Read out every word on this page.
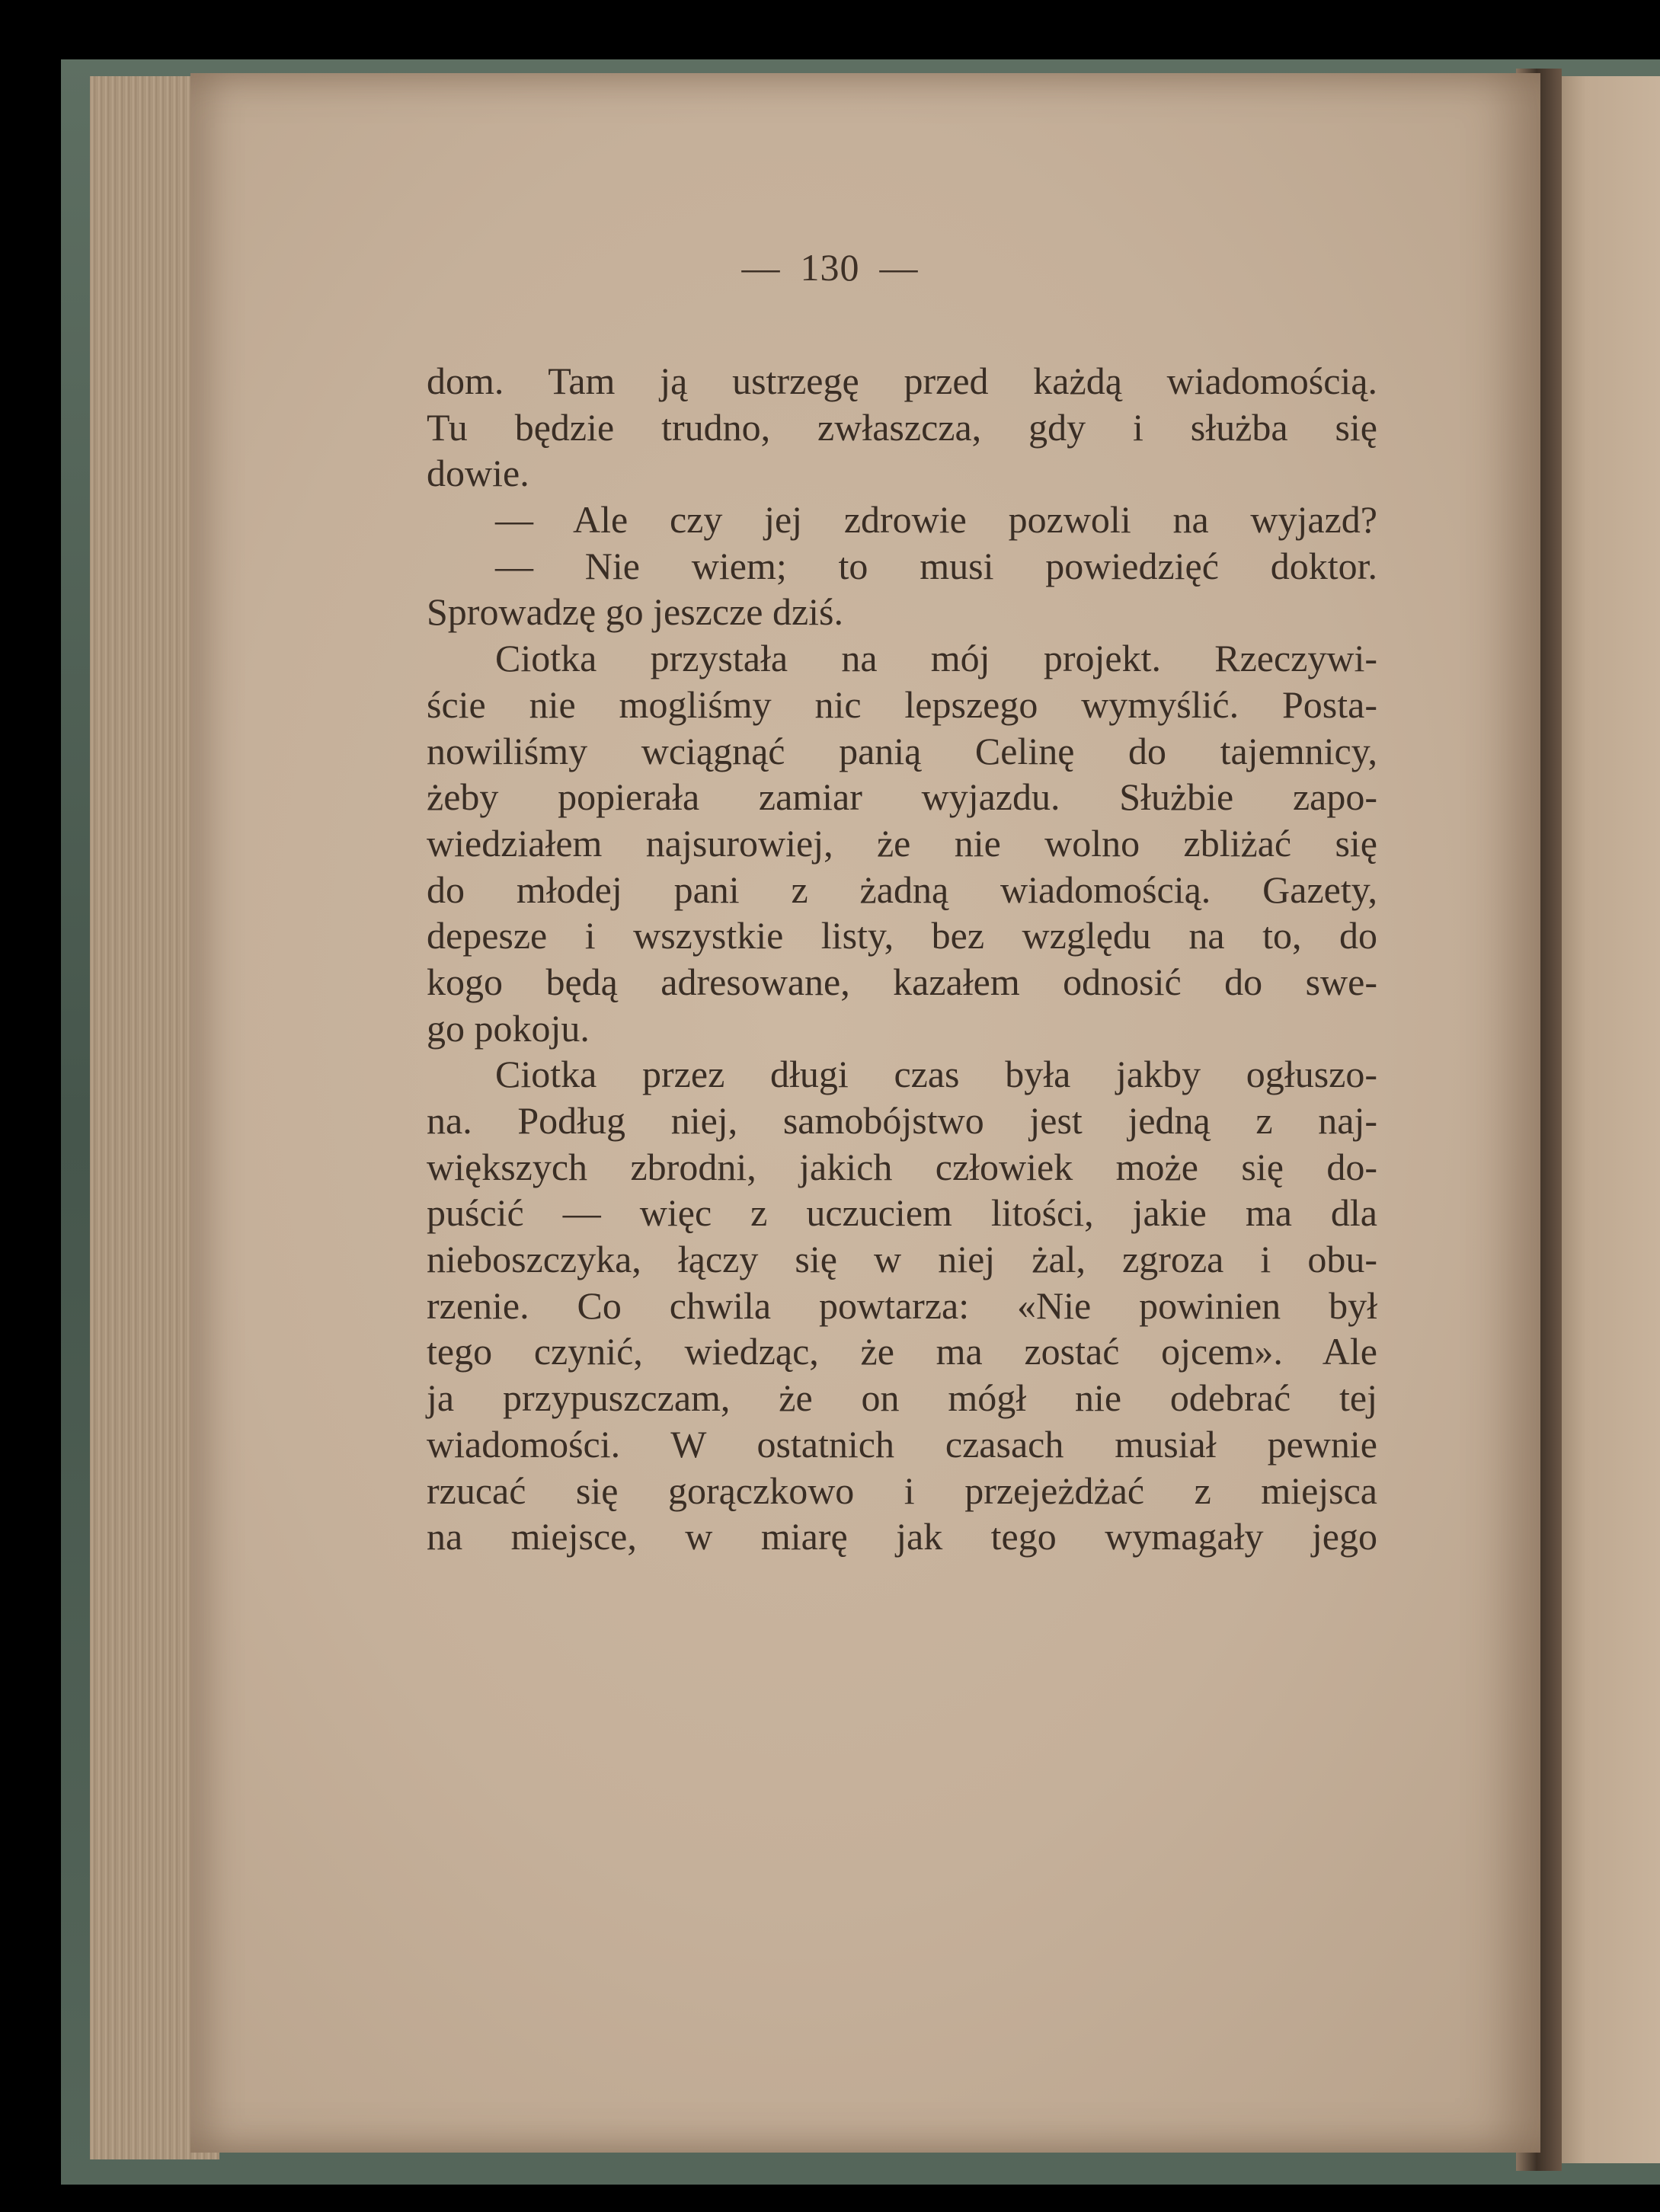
— 130 —
dom. Tam ją ustrzegę przed każdą wiadomością.
Tu będzie trudno, zwłaszcza, gdy i służba się
dowie.
— Ale czy jej zdrowie pozwoli na wyjazd?
— Nie wiem; to musi powiedzięć doktor.
Sprowadzę go jeszcze dziś.
Ciotka przystała na mój projekt. Rzeczywi-
ście nie mogliśmy nic lepszego wymyślić. Posta-
nowiliśmy wciągnąć panią Celinę do tajemnicy,
żeby popierała zamiar wyjazdu. Służbie zapo-
wiedziałem najsurowiej, że nie wolno zbliżać się
do młodej pani z żadną wiadomością. Gazety,
depesze i wszystkie listy, bez względu na to, do
kogo będą adresowane, kazałem odnosić do swe-
go pokoju.
Ciotka przez długi czas była jakby ogłuszo-
na. Podług niej, samobójstwo jest jedną z naj-
większych zbrodni, jakich człowiek może się do-
puścić — więc z uczuciem litości, jakie ma dla
nieboszczyka, łączy się w niej żal, zgroza i obu-
rzenie. Co chwila powtarza: «Nie powinien był
tego czynić, wiedząc, że ma zostać ojcem». Ale
ja przypuszczam, że on mógł nie odebrać tej
wiadomości. W ostatnich czasach musiał pewnie
rzucać się gorączkowo i przejeżdżać z miejsca
na miejsce, w miarę jak tego wymagały jego
